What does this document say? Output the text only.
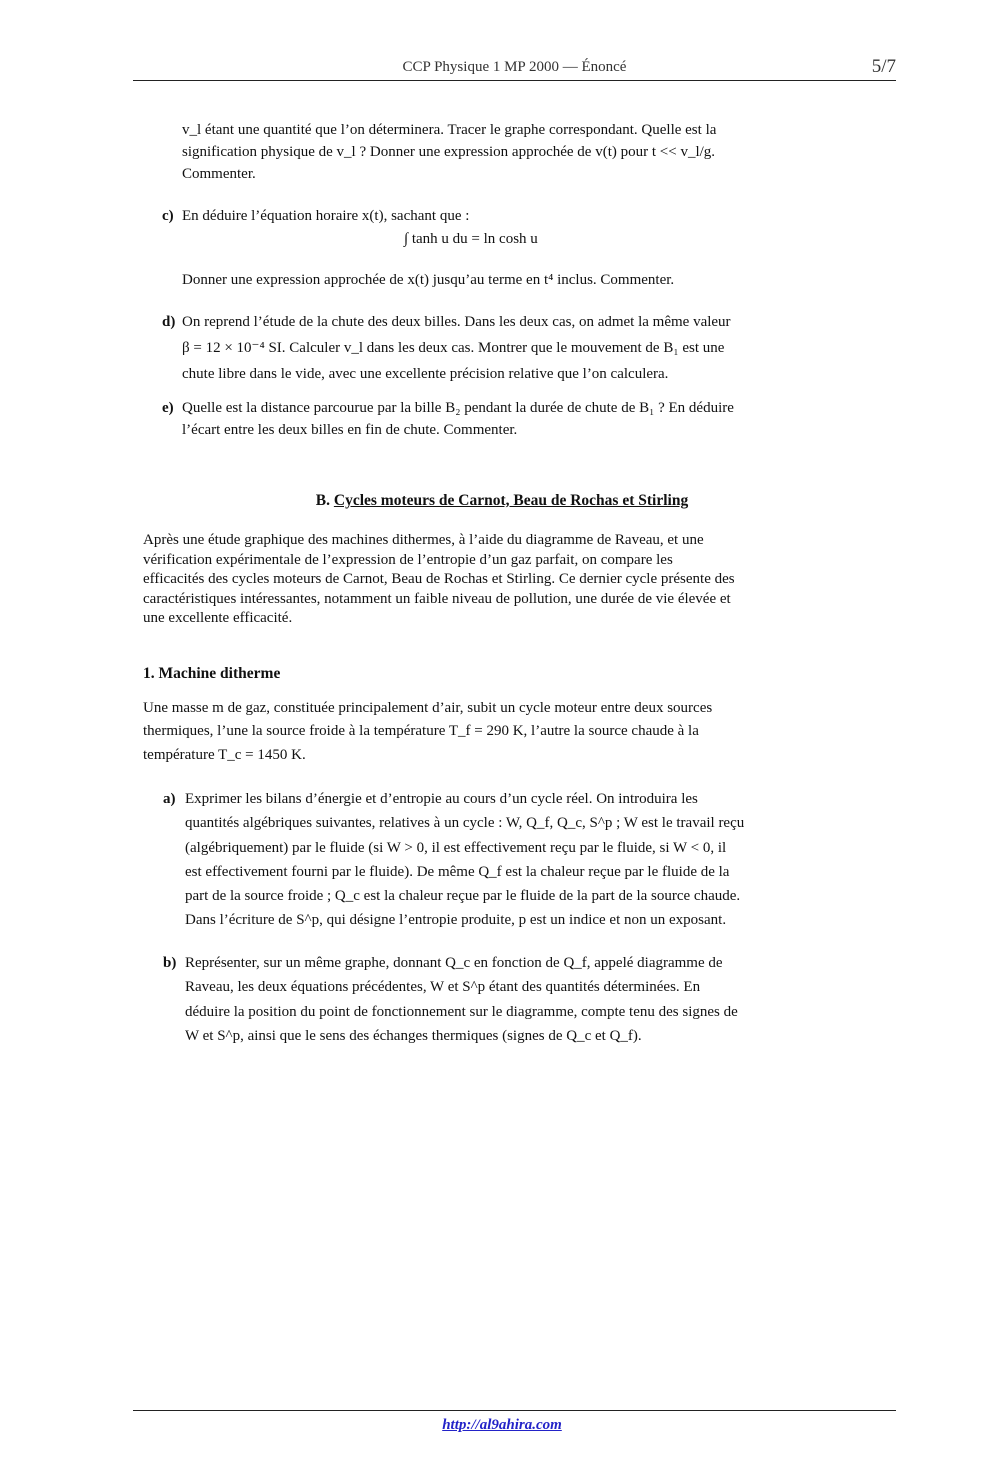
CCP Physique 1 MP 2000 — Énoncé	5/7
v_l étant une quantité que l’on déterminera. Tracer le graphe correspondant. Quelle est la
signification physique de v_l ? Donner une expression approchée de v(t) pour t << v_l/g.
Commenter.
c) En déduire l’équation horaire x(t), sachant que :
∫ tanh u du = ln cosh u
Donner une expression approchée de x(t) jusqu’au terme en t⁴ inclus. Commenter.
d) On reprend l’étude de la chute des deux billes. Dans les deux cas, on admet la même valeur
β = 12 × 10⁻⁴ SI. Calculer v_l dans les deux cas. Montrer que le mouvement de B₁ est une
chute libre dans le vide, avec une excellente précision relative que l’on calculera.
e) Quelle est la distance parcourue par la bille B₂ pendant la durée de chute de B₁ ? En déduire
l’écart entre les deux billes en fin de chute. Commenter.
B. Cycles moteurs de Carnot, Beau de Rochas et Stirling
Après une étude graphique des machines dithermes, à l’aide du diagramme de Raveau, et une
vérification expérimentale de l’expression de l’entropie d’un gaz parfait, on compare les
efficacités des cycles moteurs de Carnot, Beau de Rochas et Stirling. Ce dernier cycle présente des
caractéristiques intéressantes, notamment un faible niveau de pollution, une durée de vie élevée et
une excellente efficacité.
1. Machine ditherme
Une masse m de gaz, constituée principalement d’air, subit un cycle moteur entre deux sources
thermiques, l’une la source froide à la température T_f = 290 K, l’autre la source chaude à la
température T_c = 1450 K.
a) Exprimer les bilans d’énergie et d’entropie au cours d’un cycle réel. On introduira les
quantités algébriques suivantes, relatives à un cycle : W, Q_f, Q_c, S^p ; W est le travail reçu
(algébriquement) par le fluide (si W > 0, il est effectivement reçu par le fluide, si W < 0, il
est effectivement fourni par le fluide). De même Q_f est la chaleur reçue par le fluide de la
part de la source froide ; Q_c est la chaleur reçue par le fluide de la part de la source chaude.
Dans l’écriture de S^p, qui désigne l’entropie produite, p est un indice et non un exposant.
b) Représenter, sur un même graphe, donnant Q_c en fonction de Q_f, appelé diagramme de
Raveau, les deux équations précédentes, W et S^p étant des quantités déterminées. En
déduire la position du point de fonctionnement sur le diagramme, compte tenu des signes de
W et S^p, ainsi que le sens des échanges thermiques (signes de Q_c et Q_f).
http://al9ahira.com
